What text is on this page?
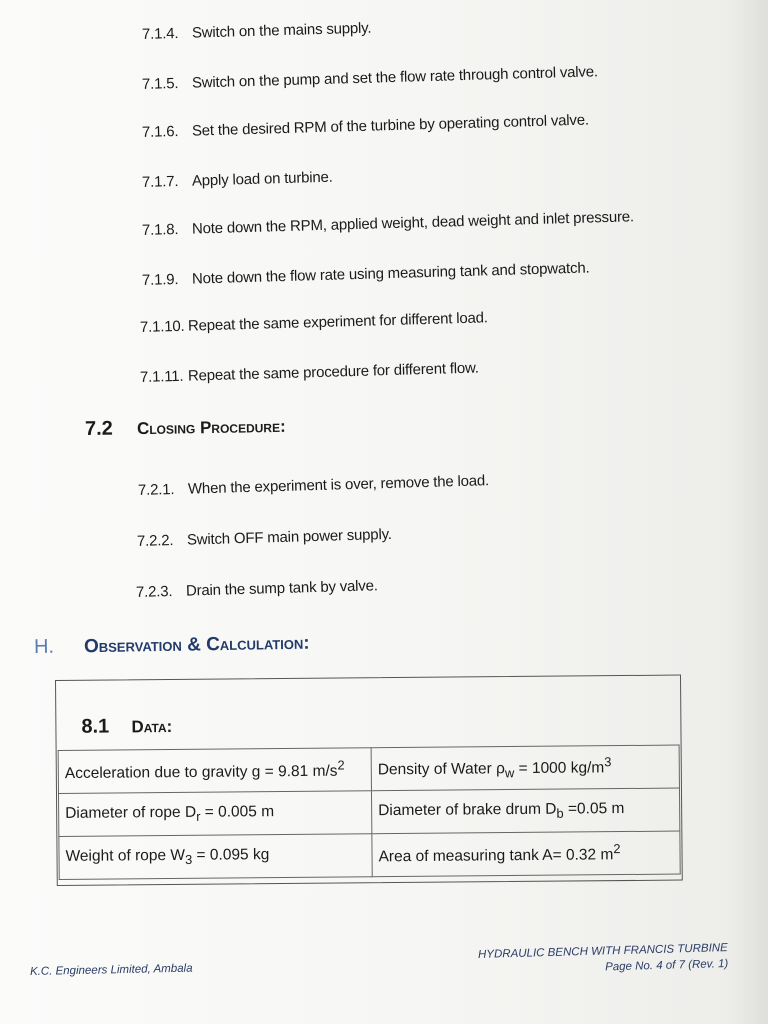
7.1.4. Switch on the mains supply.
7.1.5. Switch on the pump and set the flow rate through control valve.
7.1.6. Set the desired RPM of the turbine by operating control valve.
7.1.7. Apply load on turbine.
7.1.8. Note down the RPM, applied weight, dead weight and inlet pressure.
7.1.9. Note down the flow rate using measuring tank and stopwatch.
7.1.10. Repeat the same experiment for different load.
7.1.11. Repeat the same procedure for different flow.
7.2 Closing Procedure:
7.2.1. When the experiment is over, remove the load.
7.2.2. Switch OFF main power supply.
7.2.3. Drain the sump tank by valve.
H. Observation & Calculation:
8.1 Data:
Acceleration due to gravity g = 9.81 $m/s^2$	Density of Water $\rho_w = 1000$ $kg/m^3$
Diameter of rope $D_r = 0.005$ m	Diameter of brake drum $D_b =0.05$ m
Weight of rope $W_3 = 0.095$ kg	Area of measuring tank A= 0.32 $m^2$
K.C. Engineers Limited, Ambala
HYDRAULIC BENCH WITH FRANCIS TURBINE
Page No. 4 of 7 (Rev. 1)
